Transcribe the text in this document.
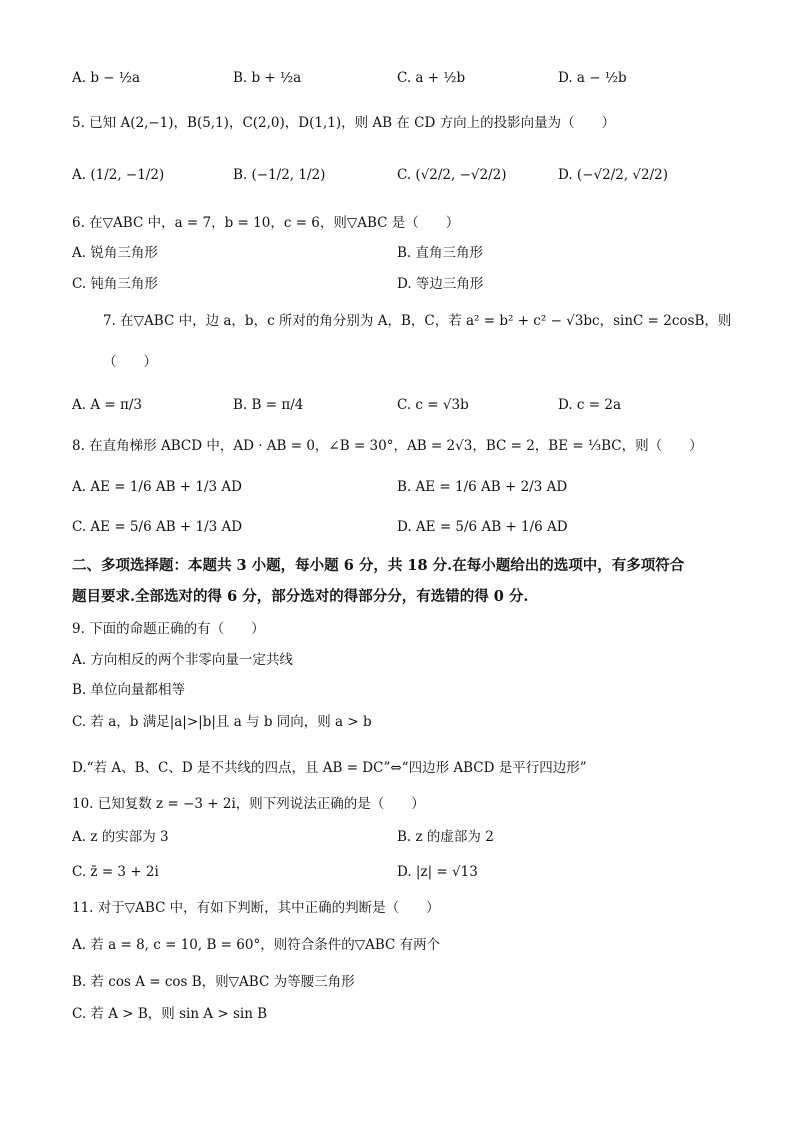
A. b − ½a	B. b + ½a	C. a + ½b	D. a − ½b
5. 已知 A(2,−1)，B(5,1)，C(2,0)，D(1,1)，则 AB 在 CD 方向上的投影向量为（　　）
A. (1/2, −1/2)	B. (−1/2, 1/2)	C. (√2/2, −√2/2)	D. (−√2/2, √2/2)
6. 在▽ABC 中，a = 7，b = 10，c = 6，则▽ABC 是（　　）
A. 锐角三角形	B. 直角三角形
C. 钝角三角形	D. 等边三角形
7. 在▽ABC 中，边 a，b，c 所对的角分别为 A，B，C，若 a² = b² + c² − √3bc，sinC = 2cosB，则
（　　）
A. A = π/3	B. B = π/4	C. c = √3b	D. c = 2a
8. 在直角梯形 ABCD 中，AD · AB = 0，∠B = 30°，AB = 2√3，BC = 2，BE = ⅓BC，则（　　）
A. AE = 1/6 AB + 1/3 AD	B. AE = 1/6 AB + 2/3 AD
C. AE = 5/6 AB + 1/3 AD	D. AE = 5/6 AB + 1/6 AD
二、多项选择题：本题共 3 小题，每小题 6 分，共 18 分.在每小题给出的选项中，有多项符合
题目要求.全部选对的得 6 分，部分选对的得部分分，有选错的得 0 分.
9. 下面的命题正确的有（　　）
A. 方向相反的两个非零向量一定共线
B. 单位向量都相等
C. 若 a，b 满足|a|>|b|且 a 与 b 同向，则 a > b
D.“若 A、B、C、D 是不共线的四点，且 AB = DC”⇔“四边形 ABCD 是平行四边形”
10. 已知复数 z = −3 + 2i，则下列说法正确的是（　　）
A. z 的实部为 3	B. z 的虚部为 2
C. z̄ = 3 + 2i	D. |z| = √13
11. 对于▽ABC 中，有如下判断，其中正确的判断是（　　）
A. 若 a = 8, c = 10, B = 60°，则符合条件的▽ABC 有两个
B. 若 cos A = cos B，则▽ABC 为等腰三角形
C. 若 A > B，则 sin A > sin B
